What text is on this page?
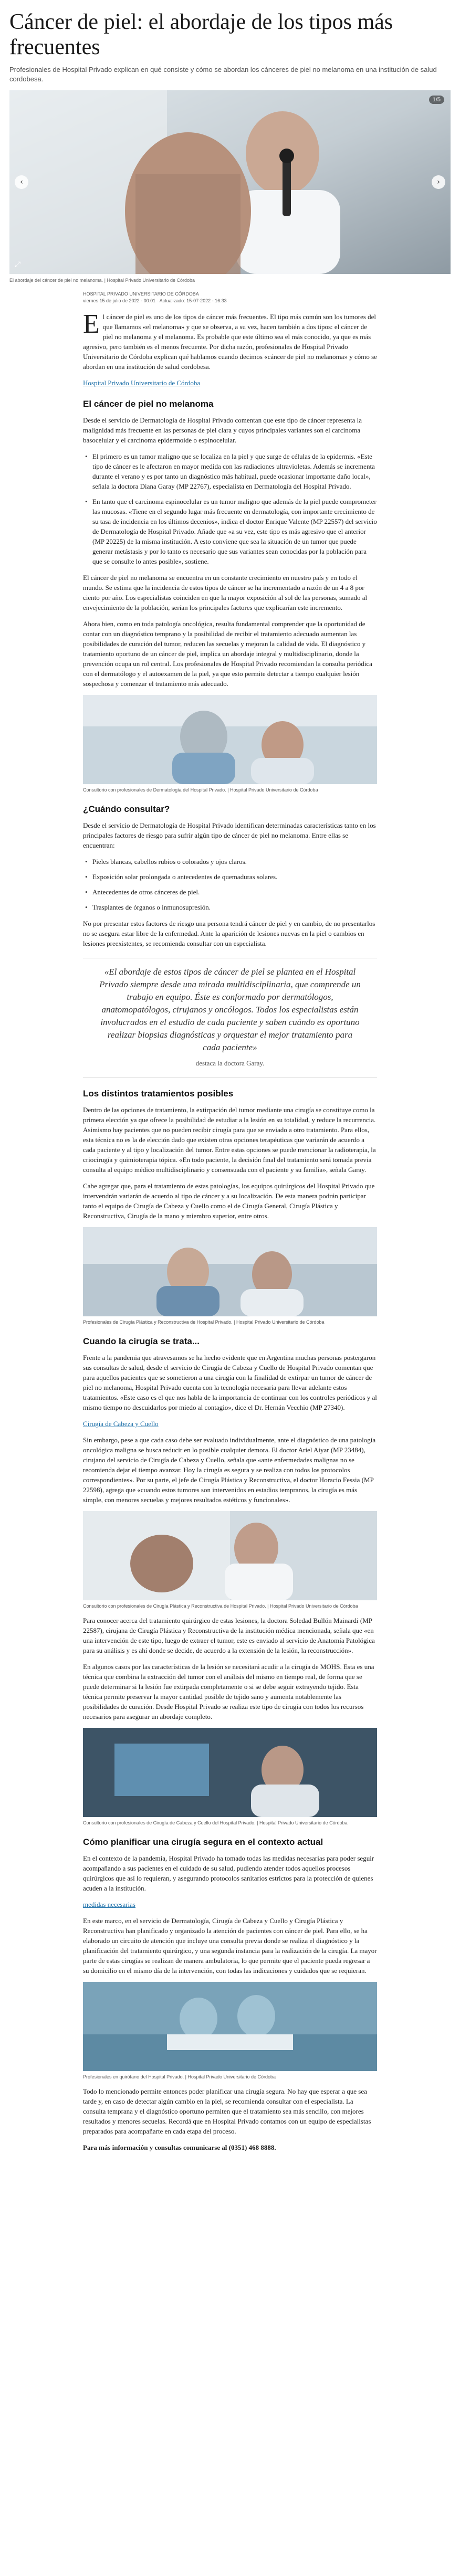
Cáncer de piel: el abordaje de los tipos más frecuentes
Profesionales de Hospital Privado explican en qué consiste y cómo se abordan los cánceres de piel no melanoma en una institución de salud cordobesa.
1/5
‹	›
⤢
El abordaje del cáncer de piel no melanoma. | Hospital Privado Universitario de Córdoba
HOSPITAL PRIVADO UNIVERSITARIO DE CÓRDOBA
viernes 15 de julio de 2022 - 00:01 · Actualizado: 15-07-2022 - 16:33

El cáncer de piel es uno de los tipos de cáncer más frecuentes. El tipo más común son los tumores del que llamamos «el melanoma» y que se observa, a su vez, hacen también a dos tipos: el cáncer de piel no melanoma y el melanoma. Es probable que este último sea el más conocido, ya que es más agresivo, pero también es el menos frecuente. Por dicha razón, profesionales de Hospital Privado Universitario de Córdoba explican qué hablamos cuando decimos «cáncer de piel no melanoma» y cómo se abordan en una institución de salud cordobesa.

Hospital Privado Universitario de Córdoba

El cáncer de piel no melanoma

Desde el servicio de Dermatología de Hospital Privado comentan que este tipo de cáncer representa la malignidad más frecuente en las personas de piel clara y cuyos principales variantes son el carcinoma basocelular y el carcinoma epidermoide o espinocelular.

• El primero es un tumor maligno que se localiza en la piel y que surge de células de la epidermis. «Este tipo de cáncer es le afectaron en mayor medida con las radiaciones ultravioletas. Además se incrementa durante el verano y es por tanto un diagnóstico más habitual, puede ocasionar importante daño local», señala la doctora Diana Garay (MP 22767), especialista en Dermatología del Hospital Privado.
• En tanto que el carcinoma espinocelular es un tumor maligno que además de la piel puede comprometer las mucosas. «Tiene en el segundo lugar más frecuente en dermatología, con importante crecimiento de su tasa de incidencia en los últimos decenios», indica el doctor Enrique Valente (MP 22557) del servicio de Dermatología de Hospital Privado. Añade que «a su vez, este tipo es más agresivo que el anterior (MP 20225) de la misma institución. A esto conviene que sea la situación de un tumor que puede generar metástasis y por lo tanto es necesario que sus variantes sean conocidas por la población para que se consulte lo antes posible», sostiene.

El cáncer de piel no melanoma se encuentra en un constante crecimiento en nuestro país y en todo el mundo. Se estima que la incidencia de estos tipos de cáncer se ha incrementado a razón de un 4 a 8 por ciento por año. Los especialistas coinciden en que la mayor exposición al sol de las personas, sumado al envejecimiento de la población, serían los principales factores que explicarían este incremento.

Ahora bien, como en toda patología oncológica, resulta fundamental comprender que la oportunidad de contar con un diagnóstico temprano y la posibilidad de recibir el tratamiento adecuado aumentan las posibilidades de curación del tumor, reducen las secuelas y mejoran la calidad de vida. El diagnóstico y tratamiento oportuno de un cáncer de piel, implica un abordaje integral y multidisciplinario, donde la prevención ocupa un rol central. Los profesionales de Hospital Privado recomiendan la consulta periódica con el dermatólogo y el autoexamen de la piel, ya que esto permite detectar a tiempo cualquier lesión sospechosa y comenzar el tratamiento más adecuado.

Consultorio con profesionales de Dermatología del Hospital Privado. | Hospital Privado Universitario de Córdoba
¿Cuándo consultar?

Desde el servicio de Dermatología de Hospital Privado identifican determinadas características tanto en los principales factores de riesgo para sufrir algún tipo de cáncer de piel no melanoma. Entre ellas se encuentran:

• Pieles blancas, cabellos rubios o colorados y ojos claros.
• Exposición solar prolongada o antecedentes de quemaduras solares.
• Antecedentes de otros cánceres de piel.
• Trasplantes de órganos o inmunosupresión.

No por presentar estos factores de riesgo una persona tendrá cáncer de piel y en cambio, de no presentarlos no se asegura estar libre de la enfermedad. Ante la aparición de lesiones nuevas en la piel o cambios en lesiones preexistentes, se recomienda consultar con un especialista.

«El abordaje de estos tipos de cáncer de piel se plantea en el Hospital Privado siempre desde una mirada multidisciplinaria, que comprende un trabajo en equipo. Éste es conformado por dermatólogos, anatomopatólogos, cirujanos y oncólogos. Todos los especialistas están involucrados en el estudio de cada paciente y saben cuándo es oportuno realizar biopsias diagnósticas y orquestar el mejor tratamiento para cada paciente»
destaca la doctora Garay.
Los distintos tratamientos posibles

Dentro de las opciones de tratamiento, la extirpación del tumor mediante una cirugía se constituye como la primera elección ya que ofrece la posibilidad de estudiar a la lesión en su totalidad, y reduce la recurrencia. Asimismo hay pacientes que no pueden recibir cirugía para que se enviado a otro tratamiento. Para ellos, esta técnica no es la de elección dado que existen otras opciones terapéuticas que variarán de acuerdo a cada paciente y al tipo y localización del tumor. Entre estas opciones se puede mencionar la radioterapia, la criocirugía y quimioterapia tópica. «En todo paciente, la decisión final del tratamiento será tomada previa consulta al equipo médico multidisciplinario y consensuada con el paciente y su familia», señala Garay.

Cabe agregar que, para el tratamiento de estas patologías, los equipos quirúrgicos del Hospital Privado que intervendrán variarán de acuerdo al tipo de cáncer y a su localización. De esta manera podrán participar tanto el equipo de Cirugía de Cabeza y Cuello como el de Cirugía General, Cirugía Plástica y Reconstructiva, Cirugía de la mano y miembro superior, entre otros.

Profesionales de Cirugía Plástica y Reconstructiva de Hospital Privado. | Hospital Privado Universitario de Córdoba
Cuando la cirugía se trata...

Frente a la pandemia que atravesamos se ha hecho evidente que en Argentina muchas personas postergaron sus consultas de salud, desde el servicio de Cirugía de Cabeza y Cuello de Hospital Privado comentan que para aquellos pacientes que se sometieron a una cirugía con la finalidad de extirpar un tumor de cáncer de piel no melanoma, Hospital Privado cuenta con la tecnología necesaria para llevar adelante estos tratamientos. «Este caso es el que nos habla de la importancia de continuar con los controles periódicos y al mismo tiempo no descuidarlos por miedo al contagio», dice el Dr. Hernán Vecchio (MP 27340).

Cirugía de Cabeza y Cuello

Sin embargo, pese a que cada caso debe ser evaluado individualmente, ante el diagnóstico de una patología oncológica maligna se busca reducir en lo posible cualquier demora. El doctor Ariel Aiyar (MP 23484), cirujano del servicio de Cirugía de Cabeza y Cuello, señala que «ante enfermedades malignas no se recomienda dejar el tiempo avanzar. Hoy la cirugía es segura y se realiza con todos los protocolos correspondientes». Por su parte, el jefe de Cirugía Plástica y Reconstructiva, el doctor Horacio Fessia (MP 22598), agrega que «cuando estos tumores son intervenidos en estadios tempranos, la cirugía es más simple, con menores secuelas y mejores resultados estéticos y funcionales».

Consultorio con profesionales de Cirugía Plástica y Reconstructiva de Hospital Privado. | Hospital Privado Universitario de Córdoba

Para conocer acerca del tratamiento quirúrgico de estas lesiones, la doctora Soledad Bullón Mainardi (MP 22587), cirujana de Cirugía Plástica y Reconstructiva de la institución médica mencionada, señala que «en una intervención de este tipo, luego de extraer el tumor, este es enviado al servicio de Anatomía Patológica para su análisis y es ahí donde se decide, de acuerdo a la extensión de la lesión, la reconstrucción».

En algunos casos por las características de la lesión se necesitará acudir a la cirugía de MOHS. Esta es una técnica que combina la extracción del tumor con el análisis del mismo en tiempo real, de forma que se puede determinar si la lesión fue extirpada completamente o si se debe seguir extrayendo tejido. Esta técnica permite preservar la mayor cantidad posible de tejido sano y aumenta notablemente las posibilidades de curación. Desde Hospital Privado se realiza este tipo de cirugía con todos los recursos necesarios para asegurar un abordaje completo.

Consultorio con profesionales de Cirugía de Cabeza y Cuello del Hospital Privado. | Hospital Privado Universitario de Córdoba
Cómo planificar una cirugía segura en el contexto actual

En el contexto de la pandemia, Hospital Privado ha tomado todas las medidas necesarias para poder seguir acompañando a sus pacientes en el cuidado de su salud, pudiendo atender todos aquellos procesos quirúrgicos que así lo requieran, y asegurando protocolos sanitarios estrictos para la protección de quienes acuden a la institución.

medidas necesarias

En este marco, en el servicio de Dermatología, Cirugía de Cabeza y Cuello y Cirugía Plástica y Reconstructiva han planificado y organizado la atención de pacientes con cáncer de piel. Para ello, se ha elaborado un circuito de atención que incluye una consulta previa donde se realiza el diagnóstico y la planificación del tratamiento quirúrgico, y una segunda instancia para la realización de la cirugía. La mayor parte de estas cirugías se realizan de manera ambulatoria, lo que permite que el paciente pueda regresar a su domicilio en el mismo día de la intervención, con todas las indicaciones y cuidados que se requieran.

Profesionales en quirófano del Hospital Privado. | Hospital Privado Universitario de Córdoba

Todo lo mencionado permite entonces poder planificar una cirugía segura. No hay que esperar a que sea tarde y, en caso de detectar algún cambio en la piel, se recomienda consultar con el especialista. La consulta temprana y el diagnóstico oportuno permiten que el tratamiento sea más sencillo, con mejores resultados y menores secuelas. Recordá que en Hospital Privado contamos con un equipo de especialistas preparados para acompañarte en cada etapa del proceso.

Para más información y consultas comunicarse al (0351) 468 8888.
